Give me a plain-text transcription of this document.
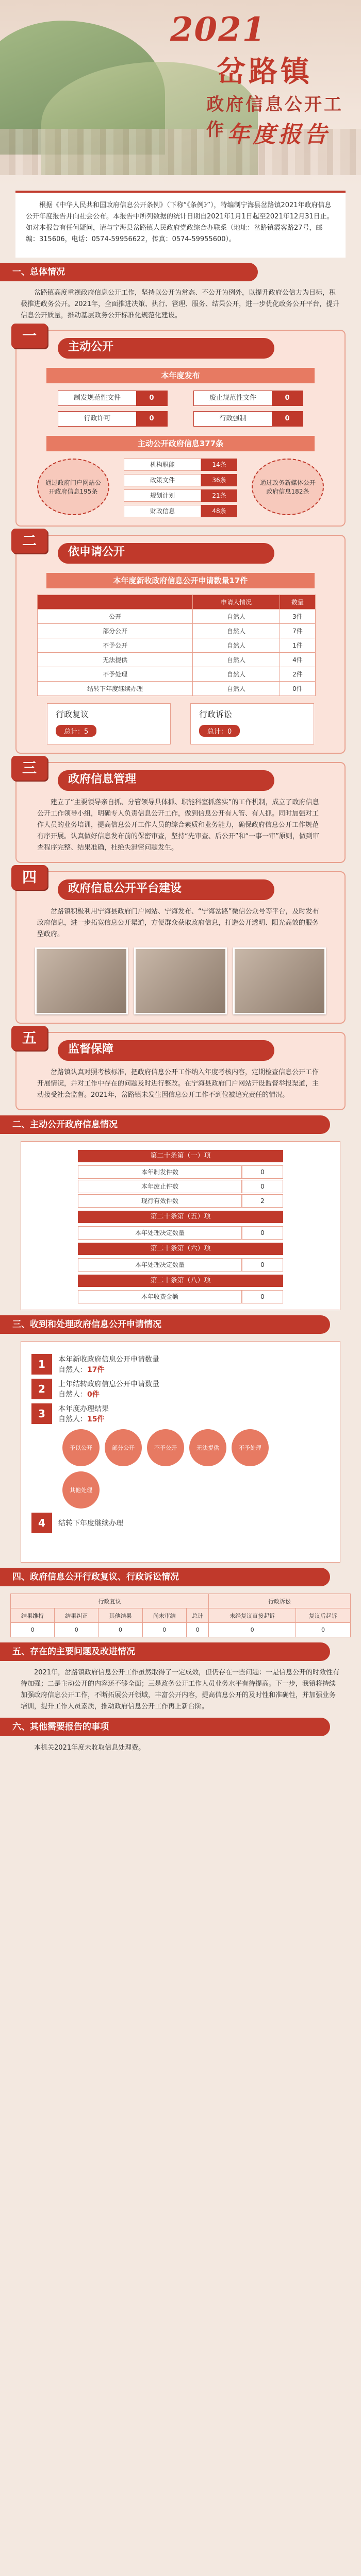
2021
岔路镇
政府信息公开工作 年度报告
根据《中华人民共和国政府信息公开条例》（下称“《条例》”），特编制宁海县岔路镇2021年政府信息公开年度报告并向社会公布。本报告中所列数据的统计日期自2021年1月1日起至2021年12月31日止。如对本报告有任何疑问，请与宁海县岔路镇人民政府党政综合办联系（地址：岔路镇霞客路27号，邮编：315606，电话：0574-59956622，传真：0574-59955600）。
一、总体情况
岔路镇高度重视政府信息公开工作，坚持以公开为常态、不公开为例外，以提升政府公信力为目标，积极推进政务公开。2021年，全面推进决策、执行、管理、服务、结果公开，进一步优化政务公开平台，提升信息公开质量，推动基层政务公开标准化规范化建设。
一
主动公开
本年度发布
制发规范性文件	0	废止规范性文件	0
行政许可	0	行政强制	0
主动公开政府信息377条
通过政府门户网站公开政府信息195条
机构职能	14条
政策文件	36条
规划计划	21条
财政信息	48条
通过政务新媒体公开政府信息182条
二
依申请公开
本年度新收政府信息公开申请数量17件
	申请人情况	数量
公开	自然人	3件
部分公开	自然人	7件
不予公开	自然人	1件
无法提供	自然人	4件
不予处理	自然人	2件
结转下年度继续办理	自然人	0件
行政复议
总计：5
行政诉讼
总计：0
三
政府信息管理
建立了“主要领导亲自抓、分管领导具体抓、职能科室抓落实”的工作机制，成立了政府信息公开工作领导小组，明确专人负责信息公开工作，做到信息公开有人管、有人抓。同时加强对工作人员的业务培训，提高信息公开工作人员的综合素质和业务能力，确保政府信息公开工作规范有序开展。认真做好信息发布前的保密审查，坚持“先审查、后公开”和“一事一审”原则，做到审查程序完整、结果准确，杜绝失泄密问题发生。
四
政府信息公开平台建设
岔路镇积极利用宁海县政府门户网站、宁海发布、“宁海岔路”微信公众号等平台，及时发布政府信息，进一步拓宽信息公开渠道，方便群众获取政府信息，打造公开透明、阳光高效的服务型政府。
五
监督保障
岔路镇认真对照考核标准，把政府信息公开工作纳入年度考核内容，定期检查信息公开工作开展情况，并对工作中存在的问题及时进行整改。在宁海县政府门户网站开设监督举报渠道，主动接受社会监督。2021年，岔路镇未发生因信息公开工作不到位被追究责任的情况。
二、主动公开政府信息情况
第二十条第（一）项
本年制发件数	0
本年废止件数	0
现行有效件数	2
第二十条第（五）项
本年处理决定数量	0
第二十条第（六）项
本年处理决定数量	0
第二十条第（八）项
本年收费金额	0
三、收到和处理政府信息公开申请情况
1	本年新收政府信息公开申请数量
自然人：17件
2	上年结转政府信息公开申请数量
自然人：0件
3	本年度办理结果
自然人：15件
予以公开	部分公开	不予公开	无法提供	不予处理
其他处理
4	结转下年度继续办理
四、政府信息公开行政复议、行政诉讼情况
行政复议					行政诉讼	
结果维持	结果纠正	其他结果	尚未审结	总计	未经复议直接起诉	复议后起诉
0	0	0	0	0	0	0
五、存在的主要问题及改进情况
2021年，岔路镇政府信息公开工作虽然取得了一定成效，但仍存在一些问题：一是信息公开的时效性有待加强；二是主动公开的内容还不够全面；三是政务公开工作人员业务水平有待提高。下一步，我镇将持续加强政府信息公开工作，不断拓展公开领域，丰富公开内容，提高信息公开的及时性和准确性，并加强业务培训，提升工作人员素质，推动政府信息公开工作再上新台阶。
六、其他需要报告的事项
本机关2021年度未收取信息处理费。
